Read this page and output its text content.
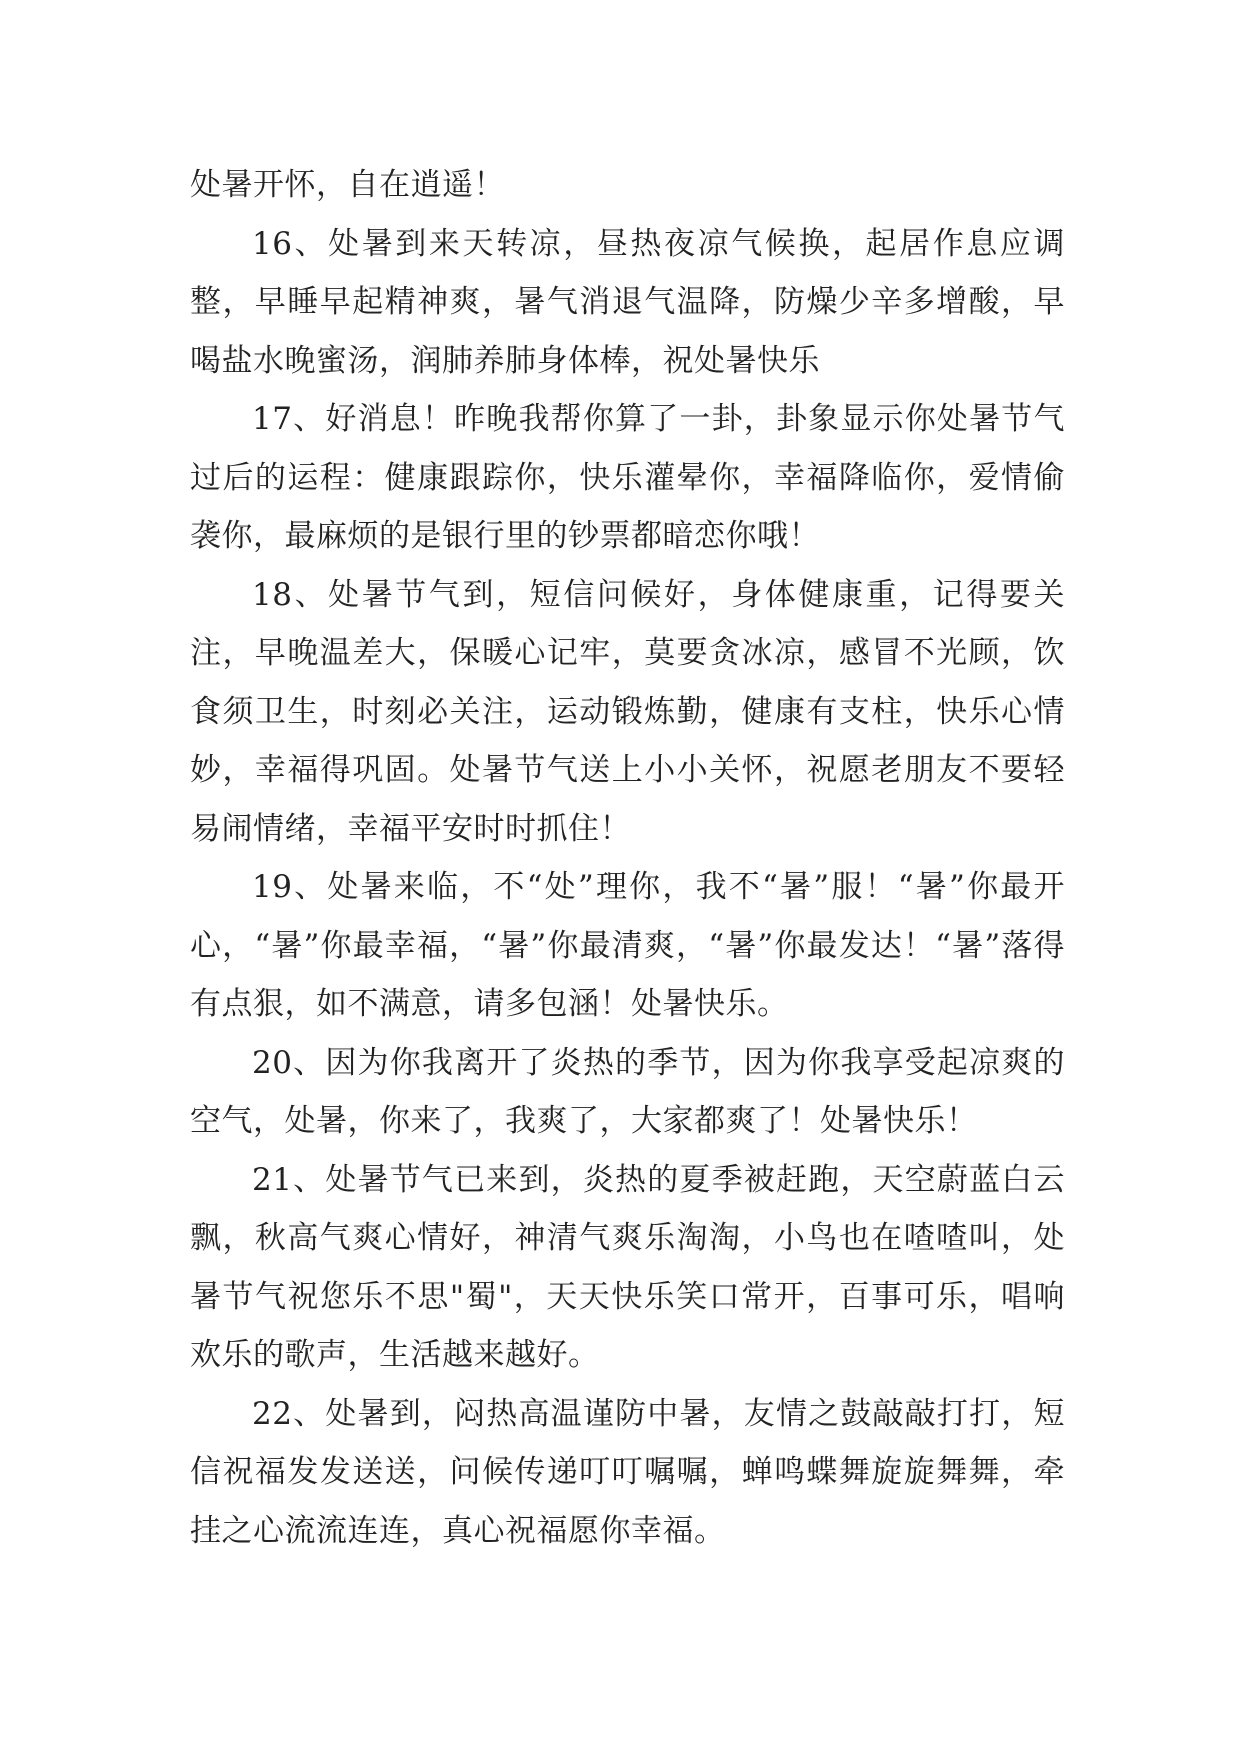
处暑开怀，自在逍遥！

16、处暑到来天转凉，昼热夜凉气候换，起居作息应调整，早睡早起精神爽，暑气消退气温降，防燥少辛多增酸，早喝盐水晚蜜汤，润肺养肺身体棒，祝处暑快乐

17、好消息！昨晚我帮你算了一卦，卦象显示你处暑节气过后的运程：健康跟踪你，快乐灌晕你，幸福降临你，爱情偷袭你，最麻烦的是银行里的钞票都暗恋你哦！

18、处暑节气到，短信问候好，身体健康重，记得要关注，早晚温差大，保暖心记牢，莫要贪冰凉，感冒不光顾，饮食须卫生，时刻必关注，运动锻炼勤，健康有支柱，快乐心情妙，幸福得巩固。处暑节气送上小小关怀，祝愿老朋友不要轻易闹情绪，幸福平安时时抓住！

19、处暑来临，不“处”理你，我不“暑”服！“暑”你最开心，“暑”你最幸福，“暑”你最清爽，“暑”你最发达！“暑”落得有点狠，如不满意，请多包涵！处暑快乐。

20、因为你我离开了炎热的季节，因为你我享受起凉爽的空气，处暑，你来了，我爽了，大家都爽了！处暑快乐！

21、处暑节气已来到，炎热的夏季被赶跑，天空蔚蓝白云飘，秋高气爽心情好，神清气爽乐淘淘，小鸟也在喳喳叫，处暑节气祝您乐不思"蜀"，天天快乐笑口常开，百事可乐，唱响欢乐的歌声，生活越来越好。

22、处暑到，闷热高温谨防中暑，友情之鼓敲敲打打，短信祝福发发送送，问候传递叮叮嘱嘱，蝉鸣蝶舞旋旋舞舞，牵挂之心流流连连，真心祝福愿你幸福。
